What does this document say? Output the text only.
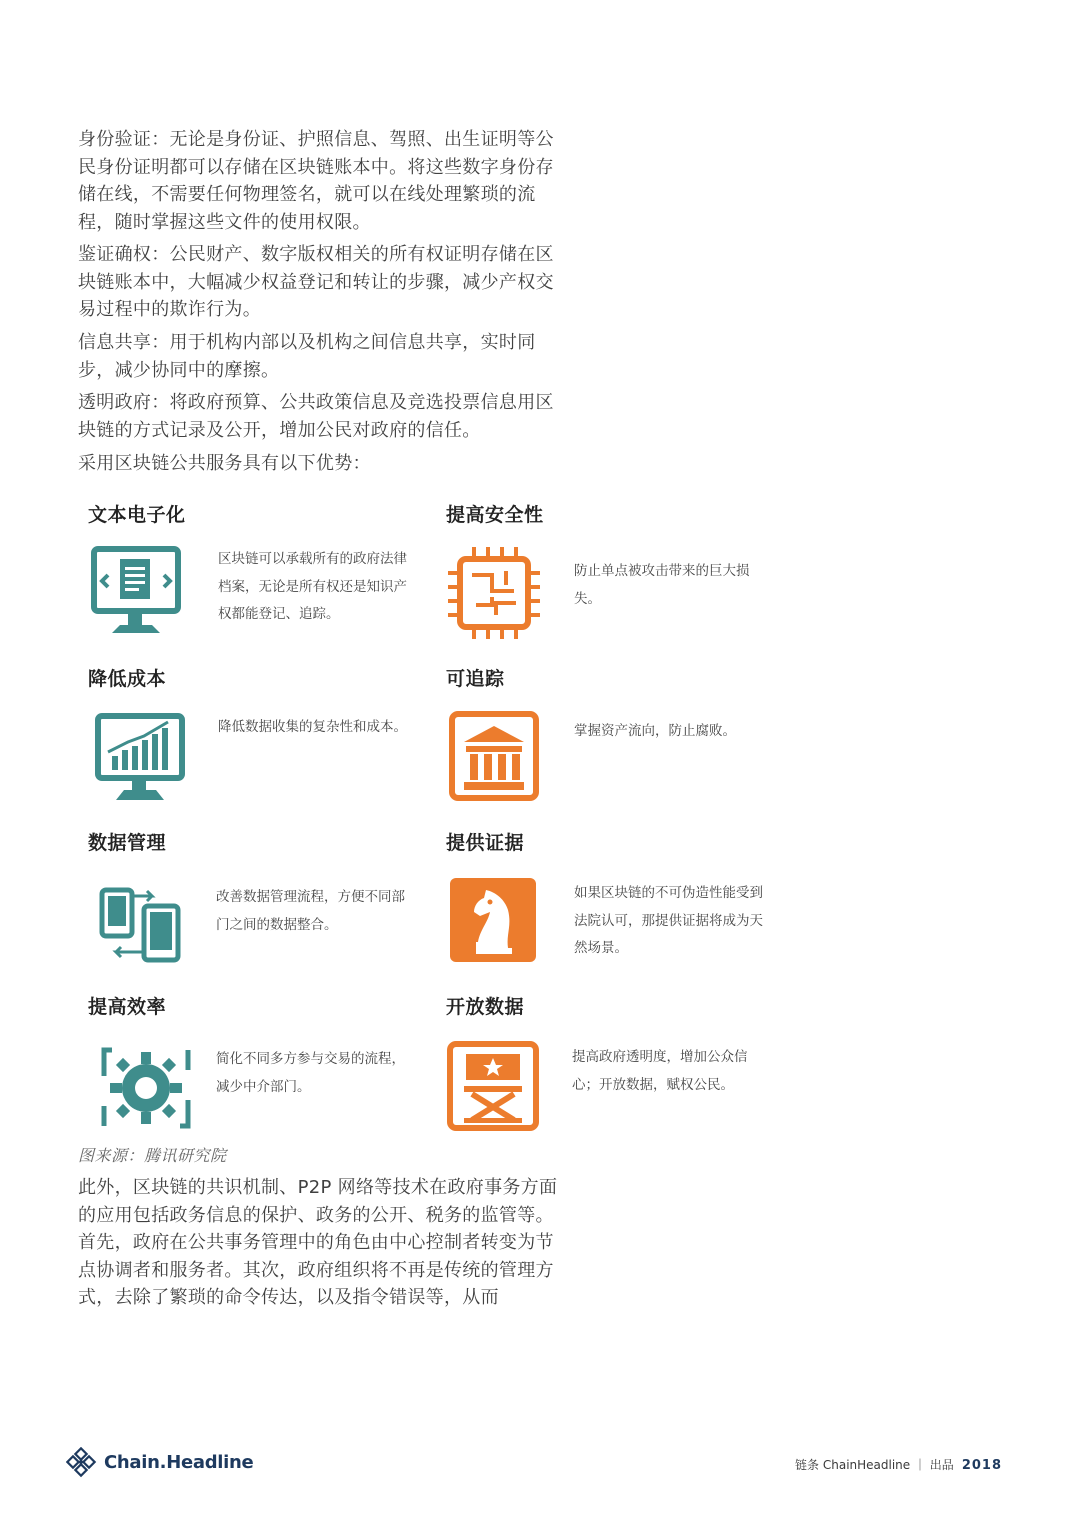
身份验证：无论是身份证、护照信息、驾照、出生证明等公民身份证明都可以存储在区块链账本中。将这些数字身份存储在线，不需要任何物理签名，就可以在线处理繁琐的流程，随时掌握这些文件的使用权限。

鉴证确权：公民财产、数字版权相关的所有权证明存储在区块链账本中，大幅减少权益登记和转让的步骤，减少产权交易过程中的欺诈行为。

信息共享：用于机构内部以及机构之间信息共享，实时同步，减少协同中的摩擦。

透明政府：将政府预算、公共政策信息及竞选投票信息用区块链的方式记录及公开，增加公民对政府的信任。

采用区块链公共服务具有以下优势：

文本电子化
区块链可以承载所有的政府法律档案，无论是所有权还是知识产权都能登记、追踪。
提高安全性
防止单点被攻击带来的巨大损失。
降低成本
降低数据收集的复杂性和成本。
可追踪
掌握资产流向，防止腐败。
数据管理
改善数据管理流程，方便不同部门之间的数据整合。
提供证据
如果区块链的不可伪造性能受到法院认可，那提供证据将成为天然场景。
提高效率
简化不同多方参与交易的流程，减少中介部门。
开放数据
提高政府透明度，增加公众信心；开放数据，赋权公民。
图来源：腾讯研究院

此外，区块链的共识机制、P2P 网络等技术在政府事务方面的应用包括政务信息的保护、政务的公开、税务的监管等。首先，政府在公共事务管理中的角色由中心控制者转变为节点协调者和服务者。其次，政府组织将不再是传统的管理方式，去除了繁琐的命令传达，以及指令错误等，从而

Chain.Headline	链条 ChainHeadline ｜ 出品 2018
